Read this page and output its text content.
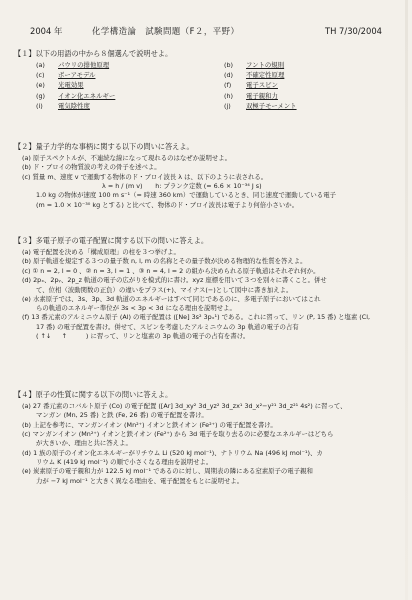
2004 年	化学構造論　試験問題（F２，平野）	TH 7/30/2004
【１】以下の用語の中から８個選んで説明せよ。
(a)	パウリの排他原理	(b)	フントの規則
(c)	ボーアモデル	(d)	不確定性原理
(e)	光電効果	(f)	電子スピン
(g)	イオン化エネルギー	(h)	電子親和力
(i)	電気陰性度	(j)	双極子モーメント
【２】量子力学的な事柄に関する以下の問いに答えよ。
(a) 原子スペクトルが、不連続な線になって現れるのはなぜか説明せよ。
(b) ド・ブロイの物質波の考えの骨子を述べよ。
(c) 質量 m、速度 v で運動する物体のド・ブロイ波長 λ は、以下のように表される。
λ = h / (m v)　　h: プランク定数 (= 6.6 × 10⁻³⁴ J s)
1.0 kg の物体が速度 100 m s⁻¹（= 時速 360 km）で運動しているとき、同じ速度で運動している電子
(m = 1.0 × 10⁻³⁰ kg とする) と比べて、物体のド・ブロイ波長は電子より何倍小さいか。
【３】多電子原子の電子配置に関する以下の問いに答えよ。
(a) 電子配置を決める「構成原理」の柱を３つ挙げよ。
(b) 原子軌道を規定する３つの量子数 n, l, m の名称とその量子数が決める物理的な性質を答えよ。
(c) ① n = 2, l = 0 、② n = 3, l = 1 、③ n = 4, l = 2 の組から決められる原子軌道はそれぞれ何か。
(d) 2pₓ、2pᵧ、2p_z 軌道の電子の広がりを模式的に書け。xyz 座標を用いて３つを別々に書くこと。併せ
て、位相（波動関数の正負）の違いをプラス(+)、マイナス(−)として図中に書き加えよ。
(e) 水素原子では、3s、3p、3d 軌道のエネルギーはすべて同じであるのに、多電子原子においてはこれ
らの軌道のエネルギー準位が 3s < 3p < 3d になる理由を説明せよ。
(f) 13 番元素のアルミニウム原子 (Al) の電子配置は ([Ne] 3s² 3pₓ¹) である。これに習って、リン (P, 15 番) と塩素 (Cl,
17 番) の電子配置を書け。併せて、スピンを考慮したアルミニウムの 3p 軌道の電子の占有
( ↑↓ 　 ↑ 　 　 ) に習って、リンと塩素の 3p 軌道の電子の占有を書け。
【４】原子の性質に関する以下の問いに答えよ。
(a) 27 番元素のコバルト原子 (Co) の電子配置 ([Ar] 3d_xy² 3d_yz² 3d_zx¹ 3d_x²−y²¹ 3d_z²¹ 4s²) に習って、
マンガン (Mn, 25 番) と鉄 (Fe, 26 番) の電子配置を書け。
(b) 上記を参考に、マンガンイオン (Mn²⁺) イオンと鉄イオン (Fe²⁺) の電子配置を書け。
(c) マンガンイオン (Mn²⁺) イオンと鉄イオン (Fe²⁺) から 3d 電子を取り去るのに必要なエネルギーはどちら
が大きいか、理由と共に答えよ。
(d) 1 族の原子のイオン化エネルギーがリチウム Li (520 kJ mol⁻¹)、ナトリウム Na (496 kJ mol⁻¹)、カ
リウム K (419 kJ mol⁻¹) の順で小さくなる理由を説明せよ。
(e) 炭素原子の電子親和力が 122.5 kJ mol⁻¹ であるのに対し、周期表の隣にある窒素原子の電子親和
力が −7 kJ mol⁻¹ と大きく異なる理由を、電子配置をもとに説明せよ。
